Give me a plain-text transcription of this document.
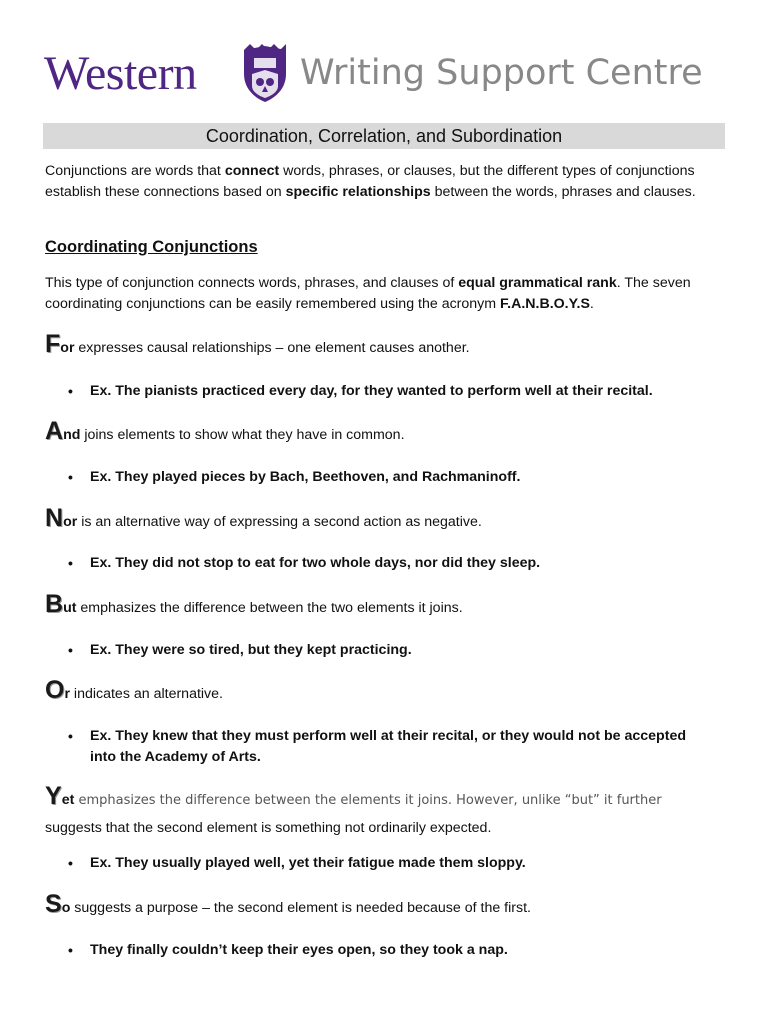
Western	Writing Support Centre
Coordination, Correlation, and Subordination
Conjunctions are words that connect words, phrases, or clauses, but the different types of conjunctions establish these connections based on specific relationships between the words, phrases and clauses.
Coordinating Conjunctions
This type of conjunction connects words, phrases, and clauses of equal grammatical rank. The seven coordinating conjunctions can be easily remembered using the acronym F.A.N.B.O.Y.S.
For expresses causal relationships – one element causes another.
• Ex. The pianists practiced every day, for they wanted to perform well at their recital.
And joins elements to show what they have in common.
• Ex. They played pieces by Bach, Beethoven, and Rachmaninoff.
Nor is an alternative way of expressing a second action as negative.
• Ex. They did not stop to eat for two whole days, nor did they sleep.
But emphasizes the difference between the two elements it joins.
• Ex. They were so tired, but they kept practicing.
Or indicates an alternative.
• Ex. They knew that they must perform well at their recital, or they would not be accepted into the Academy of Arts.
Yet emphasizes the difference between the elements it joins. However, unlike “but” it further
suggests that the second element is something not ordinarily expected.
• Ex. They usually played well, yet their fatigue made them sloppy.
So suggests a purpose – the second element is needed because of the first.
• They finally couldn’t keep their eyes open, so they took a nap.
